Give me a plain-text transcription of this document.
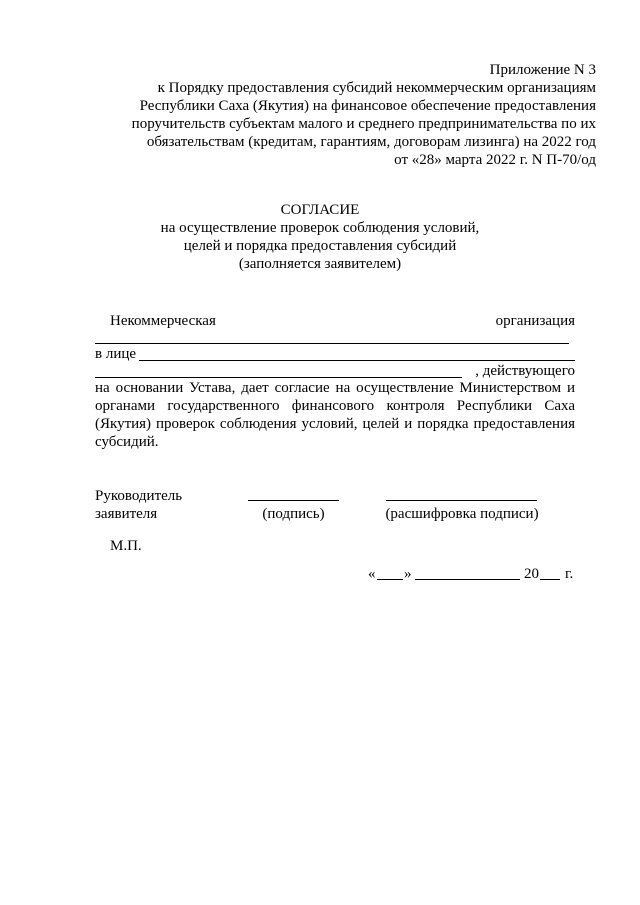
Приложение N 3
к Порядку предоставления субсидий некоммерческим организациям
Республики Саха (Якутия) на финансовое обеспечение предоставления
поручительств субъектам малого и среднего предпринимательства по их
обязательствам (кредитам, гарантиям, договорам лизинга) на 2022 год
от «28» марта 2022 г. N П-70/од
СОГЛАСИЕ
на осуществление проверок соблюдения условий,
целей и порядка предоставления субсидий
(заполняется заявителем)
Некоммерческая	организация
в лице
, действующего
на основании Устава, дает согласие на осуществление Министерством и
органами государственного финансового контроля Республики Саха
(Якутия) проверок соблюдения условий, целей и порядка предоставления
субсидий.
Руководитель
заявителя	(подпись)	(расшифровка подписи)
М.П.
« »	20 г.
